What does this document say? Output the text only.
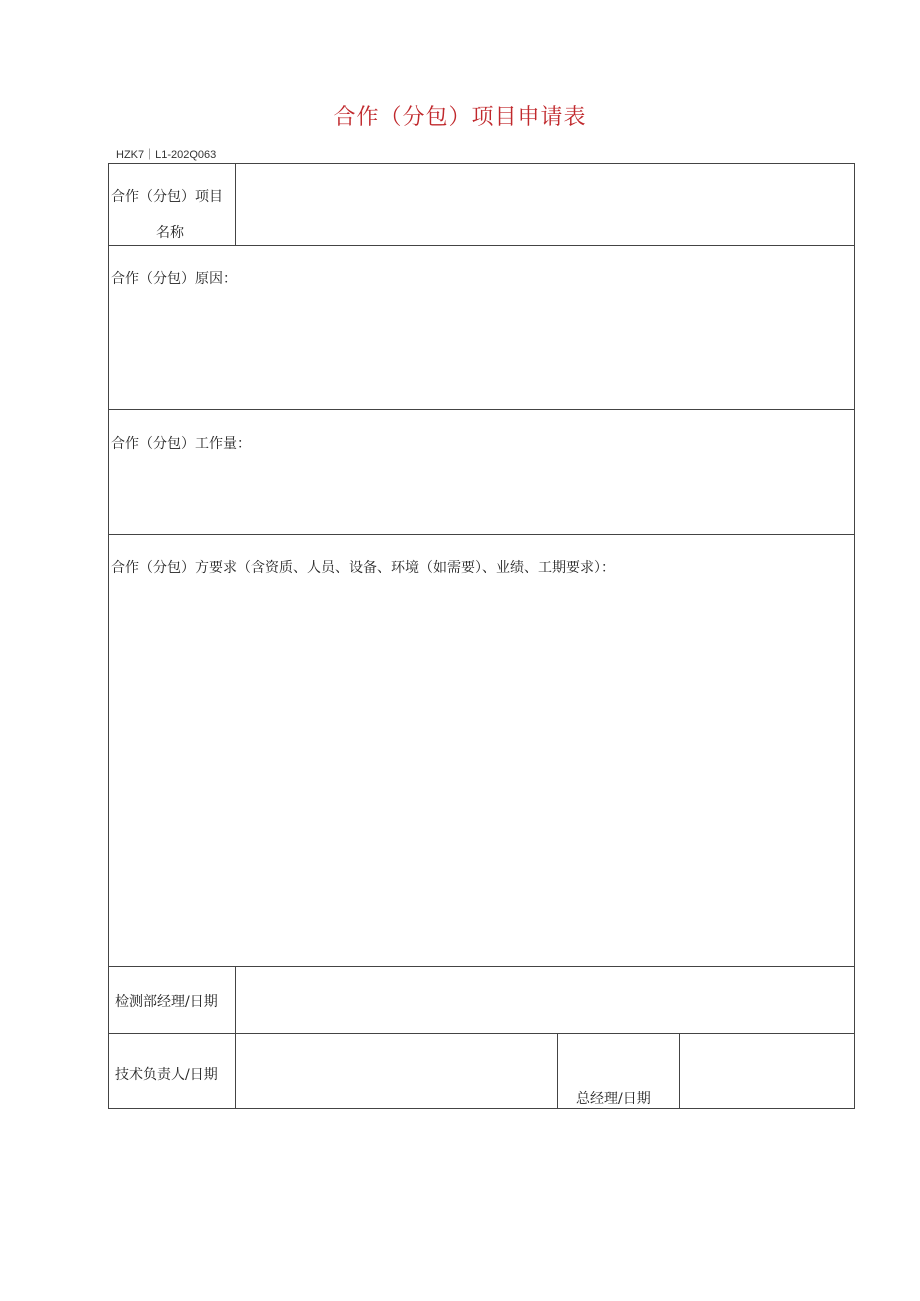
合作（分包）项目申请表
HZK7｜L1-202Q063
合作（分包）项目
名称
合作（分包）原因：
合作（分包）工作量：
合作（分包）方要求（含资质、人员、设备、环境（如需要）、业绩、工期要求）：
检测部经理/日期
技术负责人/日期
总经理/日期
